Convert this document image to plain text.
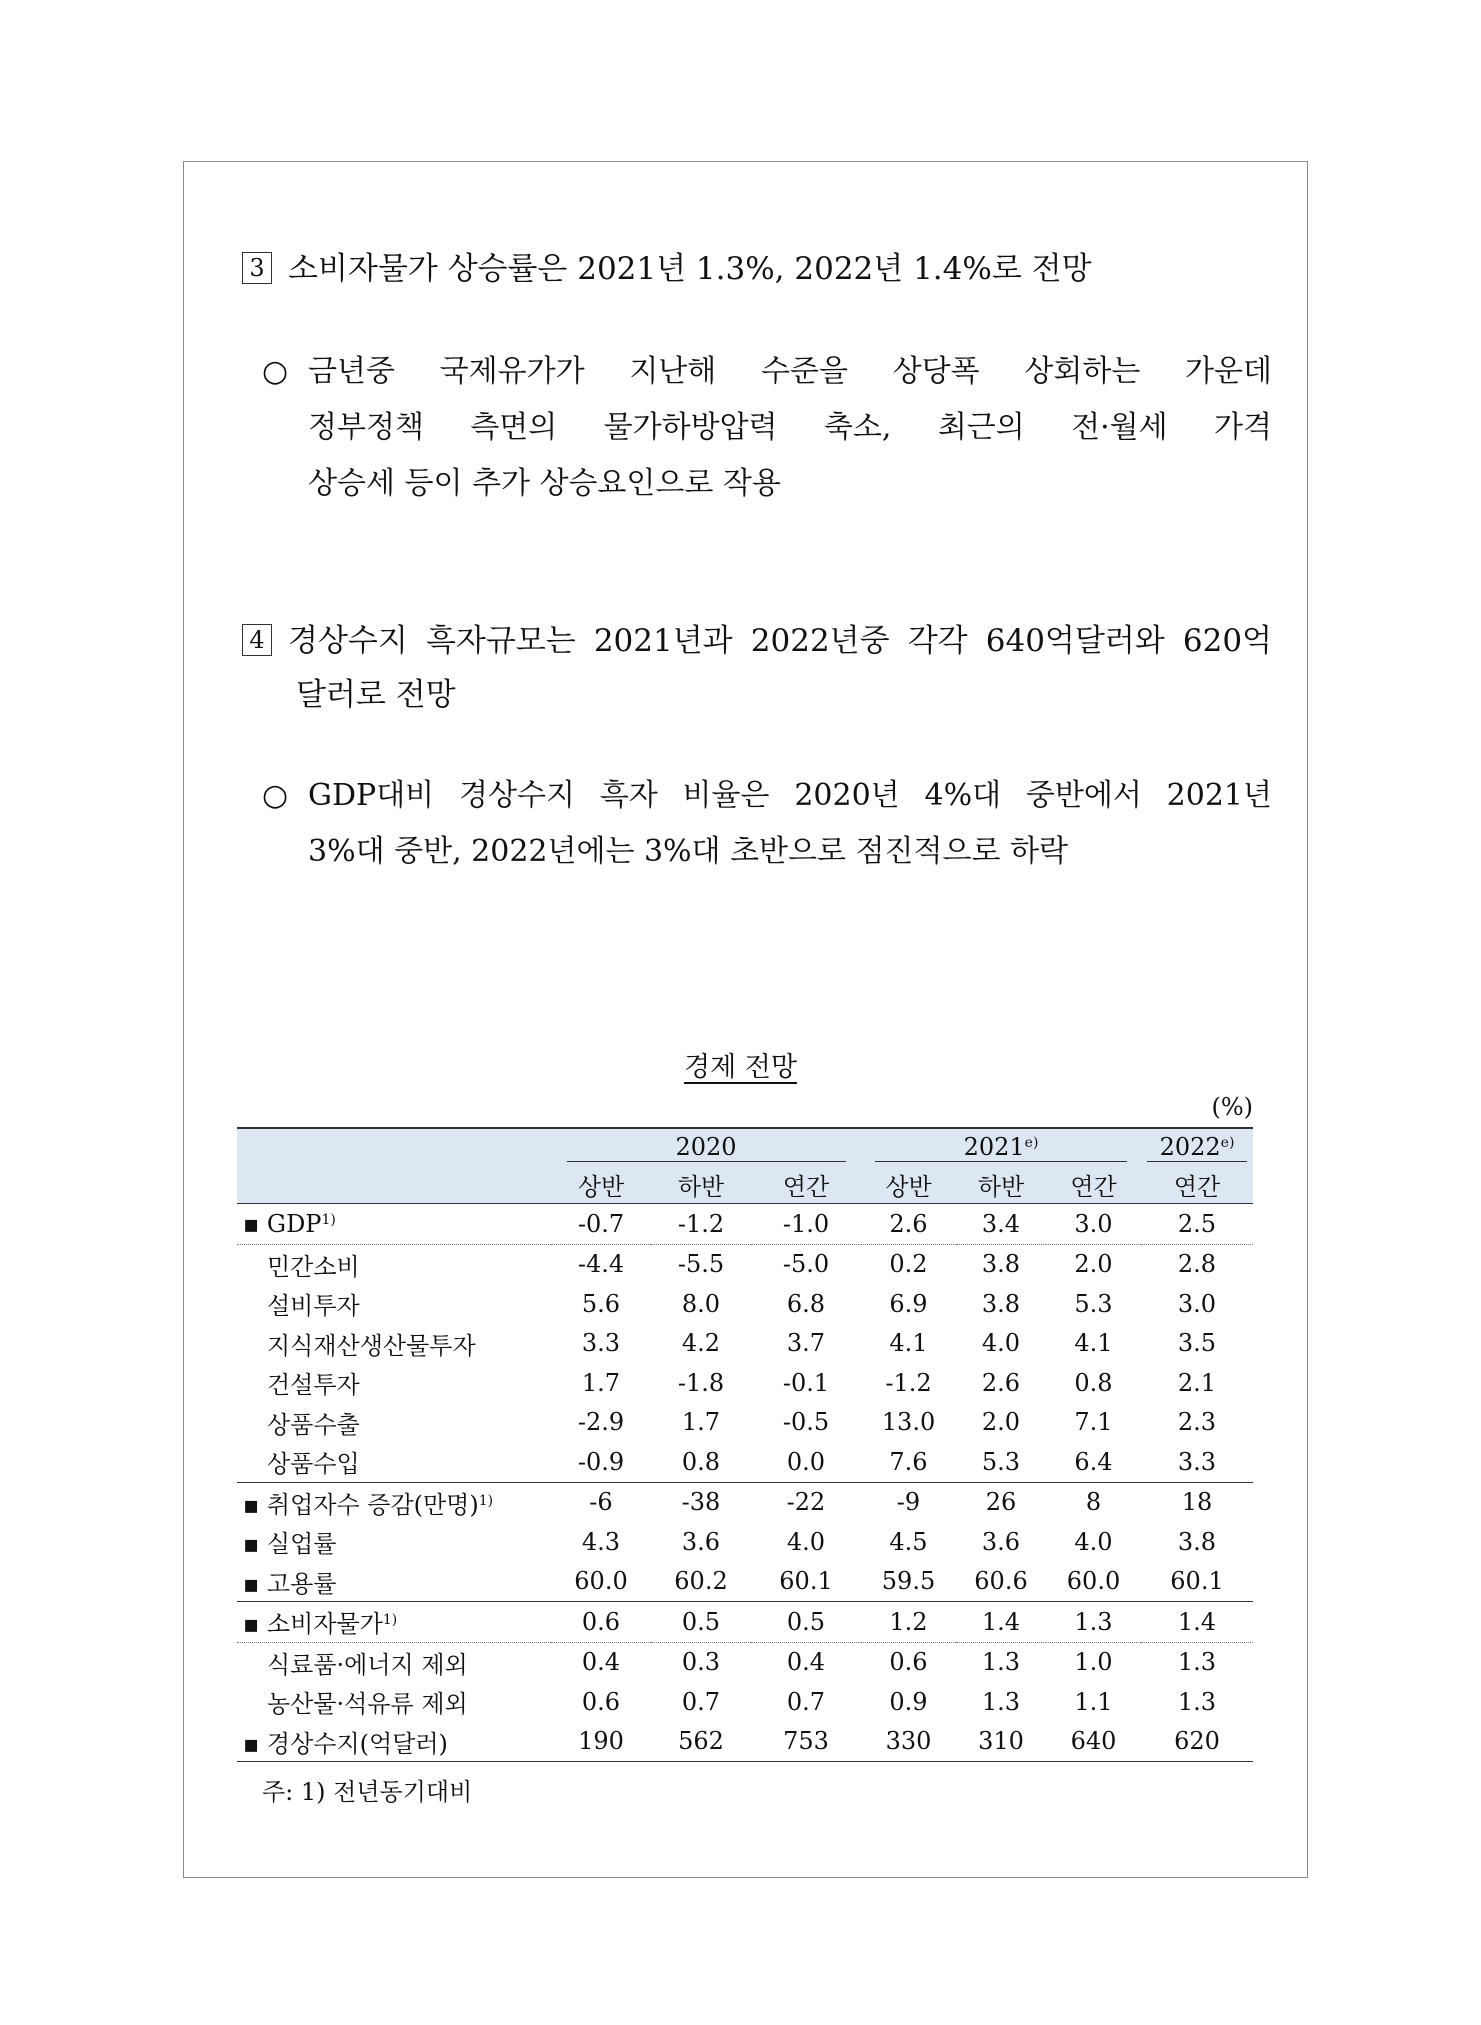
3 소비자물가 상승률은 2021년 1.3%, 2022년 1.4%로 전망
○ 금년중 국제유가가 지난해 수준을 상당폭 상회하는 가운데
정부정책 측면의 물가하방압력 축소, 최근의 전·월세 가격
상승세 등이 추가 상승요인으로 작용
4 경상수지 흑자규모는 2021년과 2022년중 각각 640억달러와 620억
달러로 전망
○ GDP대비 경상수지 흑자 비율은 2020년 4%대 중반에서 2021년
3%대 중반, 2022년에는 3%대 초반으로 점진적으로 하락
경제 전망
(%)
	2020			2021$^{e)}$			2022$^{e)}$
	상반	하반	연간	상반	하반	연간	연간
▪ GDP$^{1)}$	-0.7	-1.2	-1.0	2.6	3.4	3.0	2.5
민간소비	-4.4	-5.5	-5.0	0.2	3.8	2.0	2.8
설비투자	5.6	8.0	6.8	6.9	3.8	5.3	3.0
지식재산생산물투자	3.3	4.2	3.7	4.1	4.0	4.1	3.5
건설투자	1.7	-1.8	-0.1	-1.2	2.6	0.8	2.1
상품수출	-2.9	1.7	-0.5	13.0	2.0	7.1	2.3
상품수입	-0.9	0.8	0.0	7.6	5.3	6.4	3.3
▪ 취업자수 증감(만명)$^{1)}$	-6	-38	-22	-9	26	8	18
▪ 실업률	4.3	3.6	4.0	4.5	3.6	4.0	3.8
▪ 고용률	60.0	60.2	60.1	59.5	60.6	60.0	60.1
▪ 소비자물가$^{1)}$	0.6	0.5	0.5	1.2	1.4	1.3	1.4
식료품·에너지 제외	0.4	0.3	0.4	0.6	1.3	1.0	1.3
농산물·석유류 제외	0.6	0.7	0.7	0.9	1.3	1.1	1.3
▪ 경상수지(억달러)	190	562	753	330	310	640	620
주: 1) 전년동기대비
